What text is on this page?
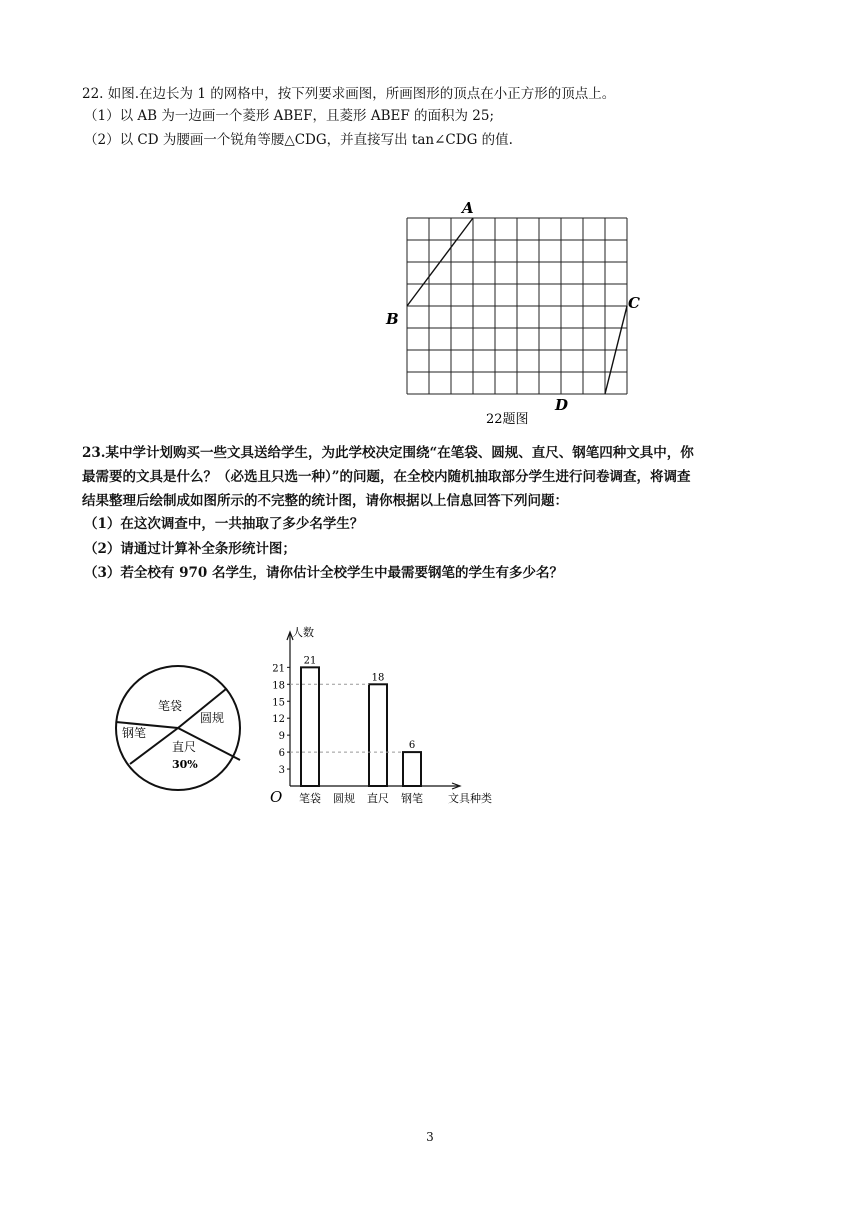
22. 如图.在边长为 1 的网格中，按下列要求画图，所画图形的顶点在小正方形的顶点上。
（1）以 AB 为一边画一个菱形 ABEF，且菱形 ABEF 的面积为 25;
（2）以 CD 为腰画一个锐角等腰△CDG，并直接写出 tan∠CDG 的值.
A
B
C
D
22题图
23.某中学计划购买一些文具送给学生，为此学校决定围绕“在笔袋、圆规、直尺、钢笔四种文具中，你
最需要的文具是什么？（必选且只选一种）”的问题，在全校内随机抽取部分学生进行问卷调查，将调查
结果整理后绘制成如图所示的不完整的统计图，请你根据以上信息回答下列问题：
（1）在这次调查中，一共抽取了多少名学生？
（2）请通过计算补全条形统计图；
（3）若全校有 970 名学生，请你估计全校学生中最需要钢笔的学生有多少名？
笔袋
圆规
钢笔
直尺
30%
人数
文具种类
O
3
6
9
12
15
18
21
21
18
6
笔袋 圆规 直尺 钢笔
3
